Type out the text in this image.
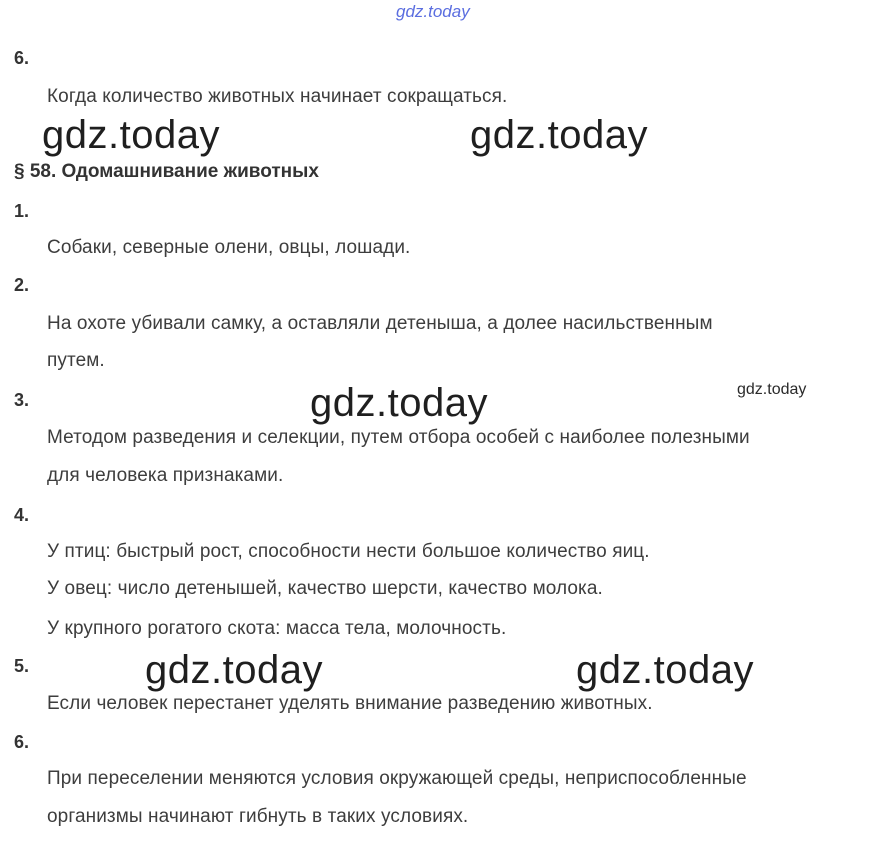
gdz.today
6.
Когда количество животных начинает сокращаться.
gdz.today	gdz.today
§ 58. Одомашнивание животных
1.
Собаки, северные олени, овцы, лошади.
2.
На охоте убивали самку, а оставляли детеныша, а долее насильственным
путем.
gdz.today	gdz.today
3.
Методом разведения и селекции, путем отбора особей с наиболее полезными
для человека признаками.
4.
У птиц: быстрый рост, способности нести большое количество яиц.
У овец: число детенышей, качество шерсти, качество молока.
У крупного рогатого скота: масса тела, молочность.
gdz.today	gdz.today
5.
Если человек перестанет уделять внимание разведению животных.
6.
При переселении меняются условия окружающей среды, неприспособленные
организмы начинают гибнуть в таких условиях.
